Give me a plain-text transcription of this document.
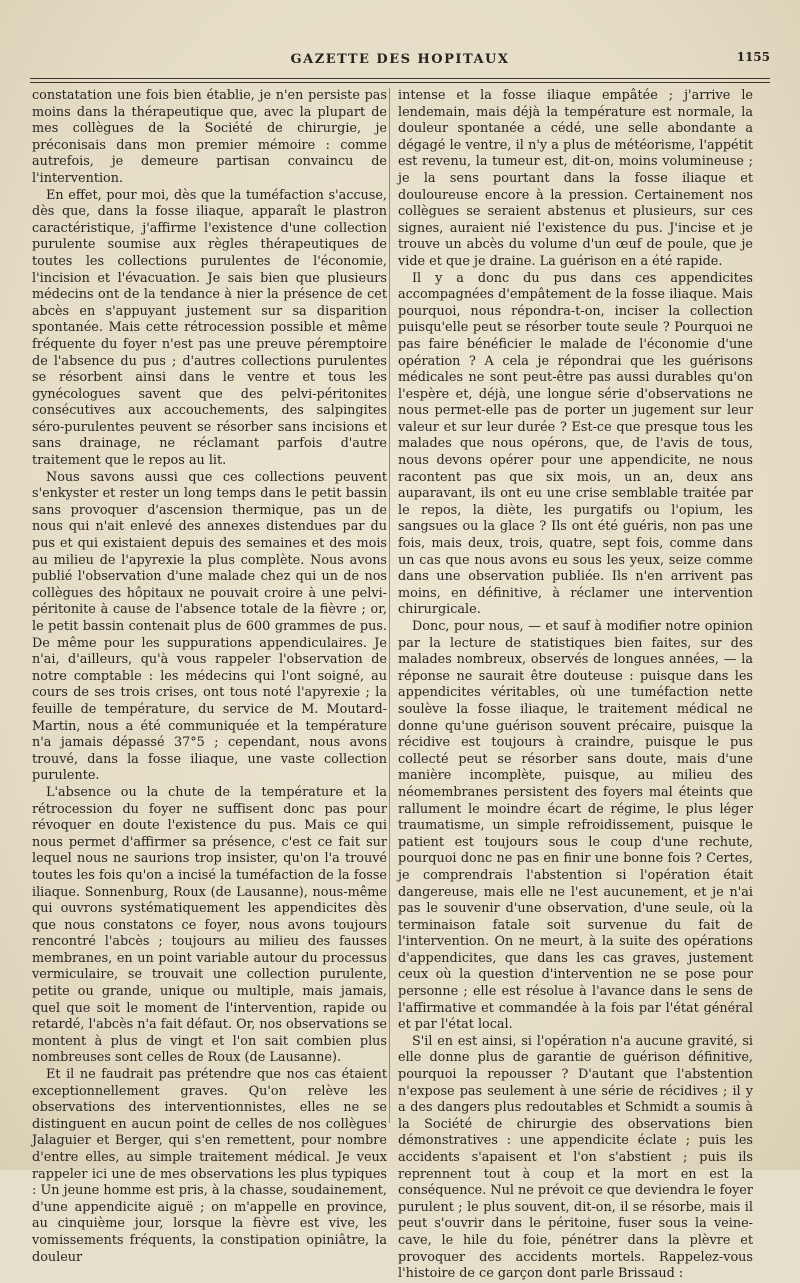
GAZETTE DES HOPITAUX	1155

constatation une fois bien établie, je n'en persiste pas moins dans la thérapeutique que, avec la plupart de mes collègues de la Société de chirurgie, je préconisais dans mon premier mémoire : comme autrefois, je demeure partisan convaincu de l'intervention.

En effet, pour moi, dès que la tuméfaction s'accuse, dès que, dans la fosse iliaque, apparaît le plastron caractéristique, j'affirme l'existence d'une collection purulente soumise aux règles thérapeutiques de toutes les collections purulentes de l'économie, l'incision et l'évacuation. Je sais bien que plusieurs médecins ont de la tendance à nier la présence de cet abcès en s'appuyant justement sur sa disparition spontanée. Mais cette rétrocession possible et même fréquente du foyer n'est pas une preuve péremptoire de l'absence du pus ; d'autres collections purulentes se résorbent ainsi dans le ventre et tous les gynécologues savent que des pelvi-péritonites consécutives aux accouchements, des salpingites séro-purulentes peuvent se résorber sans incisions et sans drainage, ne réclamant parfois d'autre traitement que le repos au lit.

Nous savons aussi que ces collections peuvent s'enkyster et rester un long temps dans le petit bassin sans provoquer d'ascension thermique, pas un de nous qui n'ait enlevé des annexes distendues par du pus et qui existaient depuis des semaines et des mois au milieu de l'apyrexie la plus complète. Nous avons publié l'observation d'une malade chez qui un de nos collègues des hôpitaux ne pouvait croire à une pelvi-péritonite à cause de l'absence totale de la fièvre ; or, le petit bassin contenait plus de 600 grammes de pus. De même pour les suppurations appendiculaires. Je n'ai, d'ailleurs, qu'à vous rappeler l'observation de notre comptable : les médecins qui l'ont soigné, au cours de ses trois crises, ont tous noté l'apyrexie ; la feuille de température, du service de M. Moutard-Martin, nous a été communiquée et la température n'a jamais dépassé 37°5 ; cependant, nous avons trouvé, dans la fosse iliaque, une vaste collection purulente.

L'absence ou la chute de la température et la rétrocession du foyer ne suffisent donc pas pour révoquer en doute l'existence du pus. Mais ce qui nous permet d'affirmer sa présence, c'est ce fait sur lequel nous ne saurions trop insister, qu'on l'a trouvé toutes les fois qu'on a incisé la tuméfaction de la fosse iliaque. Sonnenburg, Roux (de Lausanne), nous-même qui ouvrons systématiquement les appendicites dès que nous constatons ce foyer, nous avons toujours rencontré l'abcès ; toujours au milieu des fausses membranes, en un point variable autour du processus vermiculaire, se trouvait une collection purulente, petite ou grande, unique ou multiple, mais jamais, quel que soit le moment de l'intervention, rapide ou retardé, l'abcès n'a fait défaut. Or, nos observations se montent à plus de vingt et l'on sait combien plus nombreuses sont celles de Roux (de Lausanne).

Et il ne faudrait pas prétendre que nos cas étaient exceptionnellement graves. Qu'on relève les observations des interventionnistes, elles ne se distinguent en aucun point de celles de nos collègues Jalaguier et Berger, qui s'en remettent, pour nombre d'entre elles, au simple traitement médical. Je veux rappeler ici une de mes observations les plus typiques : Un jeune homme est pris, à la chasse, soudainement, d'une appendicite aiguë ; on m'appelle en province, au cinquième jour, lorsque la fièvre est vive, les vomissements fréquents, la constipation opiniâtre, la douleur

intense et la fosse iliaque empâtée ; j'arrive le lendemain, mais déjà la température est normale, la douleur spontanée a cédé, une selle abondante a dégagé le ventre, il n'y a plus de météorisme, l'appétit est revenu, la tumeur est, dit-on, moins volumineuse ; je la sens pourtant dans la fosse iliaque et douloureuse encore à la pression. Certainement nos collègues se seraient abstenus et plusieurs, sur ces signes, auraient nié l'existence du pus. J'incise et je trouve un abcès du volume d'un œuf de poule, que je vide et que je draine. La guérison en a été rapide.

Il y a donc du pus dans ces appendicites accompagnées d'empâtement de la fosse iliaque. Mais pourquoi, nous répondra-t-on, inciser la collection puisqu'elle peut se résorber toute seule ? Pourquoi ne pas faire bénéficier le malade de l'économie d'une opération ? A cela je répondrai que les guérisons médicales ne sont peut-être pas aussi durables qu'on l'espère et, déjà, une longue série d'observations ne nous permet-elle pas de porter un jugement sur leur valeur et sur leur durée ? Est-ce que presque tous les malades que nous opérons, que, de l'avis de tous, nous devons opérer pour une appendicite, ne nous racontent pas que six mois, un an, deux ans auparavant, ils ont eu une crise semblable traitée par le repos, la diète, les purgatifs ou l'opium, les sangsues ou la glace ? Ils ont été guéris, non pas une fois, mais deux, trois, quatre, sept fois, comme dans un cas que nous avons eu sous les yeux, seize comme dans une observation publiée. Ils n'en arrivent pas moins, en définitive, à réclamer une intervention chirurgicale.

Donc, pour nous, — et sauf à modifier notre opinion par la lecture de statistiques bien faites, sur des malades nombreux, observés de longues années, — la réponse ne saurait être douteuse : puisque dans les appendicites véritables, où une tuméfaction nette soulève la fosse iliaque, le traitement médical ne donne qu'une guérison souvent précaire, puisque la récidive est toujours à craindre, puisque le pus collecté peut se résorber sans doute, mais d'une manière incomplète, puisque, au milieu des néomembranes persistent des foyers mal éteints que rallument le moindre écart de régime, le plus léger traumatisme, un simple refroidissement, puisque le patient est toujours sous le coup d'une rechute, pourquoi donc ne pas en finir une bonne fois ? Certes, je comprendrais l'abstention si l'opération était dangereuse, mais elle ne l'est aucunement, et je n'ai pas le souvenir d'une observation, d'une seule, où la terminaison fatale soit survenue du fait de l'intervention. On ne meurt, à la suite des opérations d'appendicites, que dans les cas graves, justement ceux où la question d'intervention ne se pose pour personne ; elle est résolue à l'avance dans le sens de l'affirmative et commandée à la fois par l'état général et par l'état local.

S'il en est ainsi, si l'opération n'a aucune gravité, si elle donne plus de garantie de guérison définitive, pourquoi la repousser ? D'autant que l'abstention n'expose pas seulement à une série de récidives ; il y a des dangers plus redoutables et Schmidt a soumis à la Société de chirurgie des observations bien démonstratives : une appendicite éclate ; puis les accidents s'apaisent et l'on s'abstient ; puis ils reprennent tout à coup et la mort en est la conséquence. Nul ne prévoit ce que deviendra le foyer purulent ; le plus souvent, dit-on, il se résorbe, mais il peut s'ouvrir dans le péritoine, fuser sous la veine-cave, le hile du foie, pénétrer dans la plèvre et provoquer des accidents mortels. Rappelez-vous l'histoire de ce garçon dont parle Brissaud :
